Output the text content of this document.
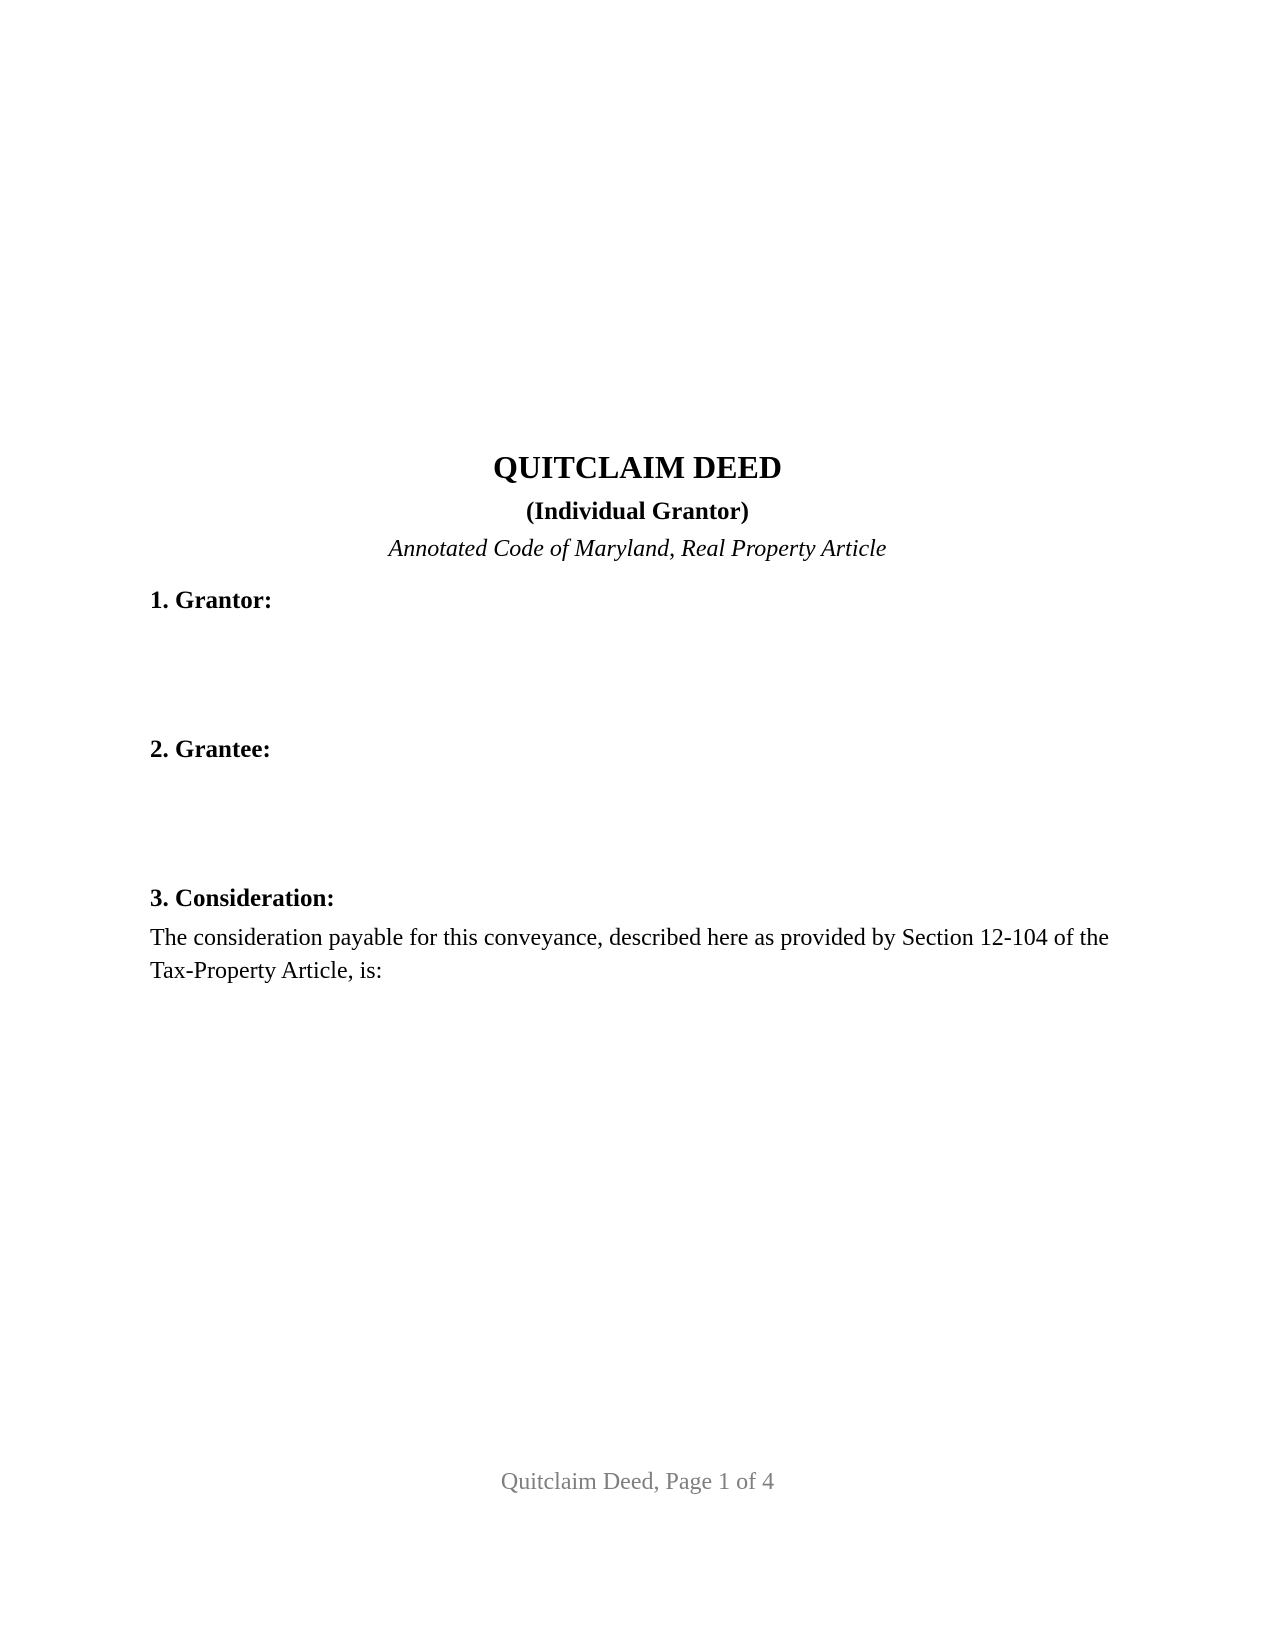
QUITCLAIM DEED
(Individual Grantor)
Annotated Code of Maryland, Real Property Article
1. Grantor:
2. Grantee:
3. Consideration:
The consideration payable for this conveyance, described here as provided by Section 12-104 of the Tax-Property Article, is:
Quitclaim Deed, Page 1 of 4
